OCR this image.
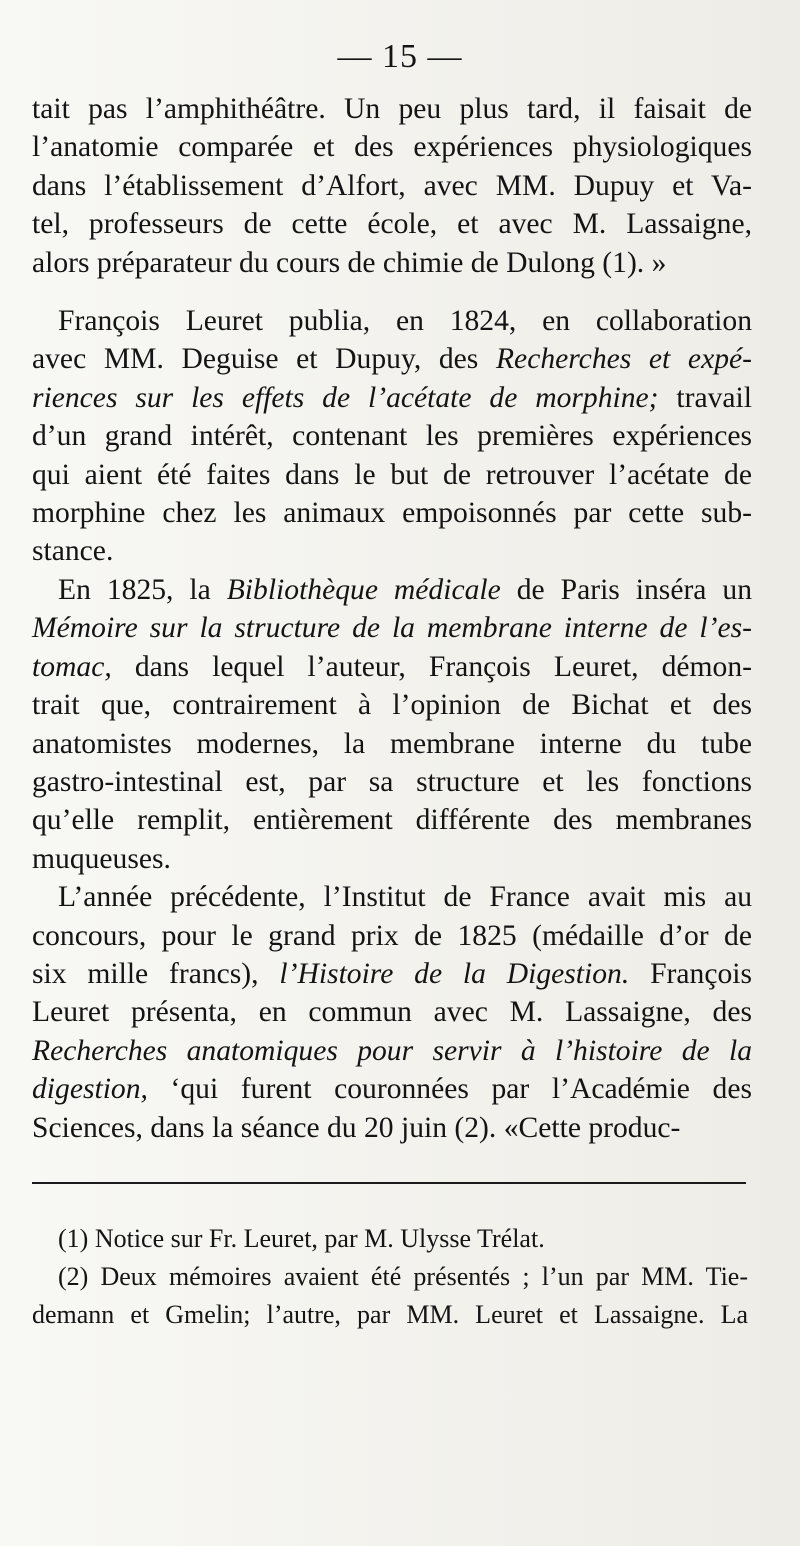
— 15 —
tait pas l’amphithéâtre. Un peu plus tard, il faisait de
l’anatomie comparée et des expériences physiologiques
dans l’établissement d’Alfort, avec MM. Dupuy et Va-
tel, professeurs de cette école, et avec M. Lassaigne,
alors préparateur du cours de chimie de Dulong (1). »
François Leuret publia, en 1824, en collaboration
avec MM. Deguise et Dupuy, des Recherches et expé-
riences sur les effets de l’acétate de morphine; travail
d’un grand intérêt, contenant les premières expériences
qui aient été faites dans le but de retrouver l’acétate de
morphine chez les animaux empoisonnés par cette sub-
stance.
En 1825, la Bibliothèque médicale de Paris inséra un
Mémoire sur la structure de la membrane interne de l’es-
tomac, dans lequel l’auteur, François Leuret, démon-
trait que, contrairement à l’opinion de Bichat et des
anatomistes modernes, la membrane interne du tube
gastro-intestinal est, par sa structure et les fonctions
qu’elle remplit, entièrement différente des membranes
muqueuses.
L’année précédente, l’Institut de France avait mis au
concours, pour le grand prix de 1825 (médaille d’or de
six mille francs), l’Histoire de la Digestion. François
Leuret présenta, en commun avec M. Lassaigne, des
Recherches anatomiques pour servir à l’histoire de la
digestion, ‘qui furent couronnées par l’Académie des
Sciences, dans la séance du 20 juin (2). «Cette produc-
(1) Notice sur Fr. Leuret, par M. Ulysse Trélat.
(2) Deux mémoires avaient été présentés ; l’un par MM. Tie-
demann et Gmelin; l’autre, par MM. Leuret et Lassaigne. La
